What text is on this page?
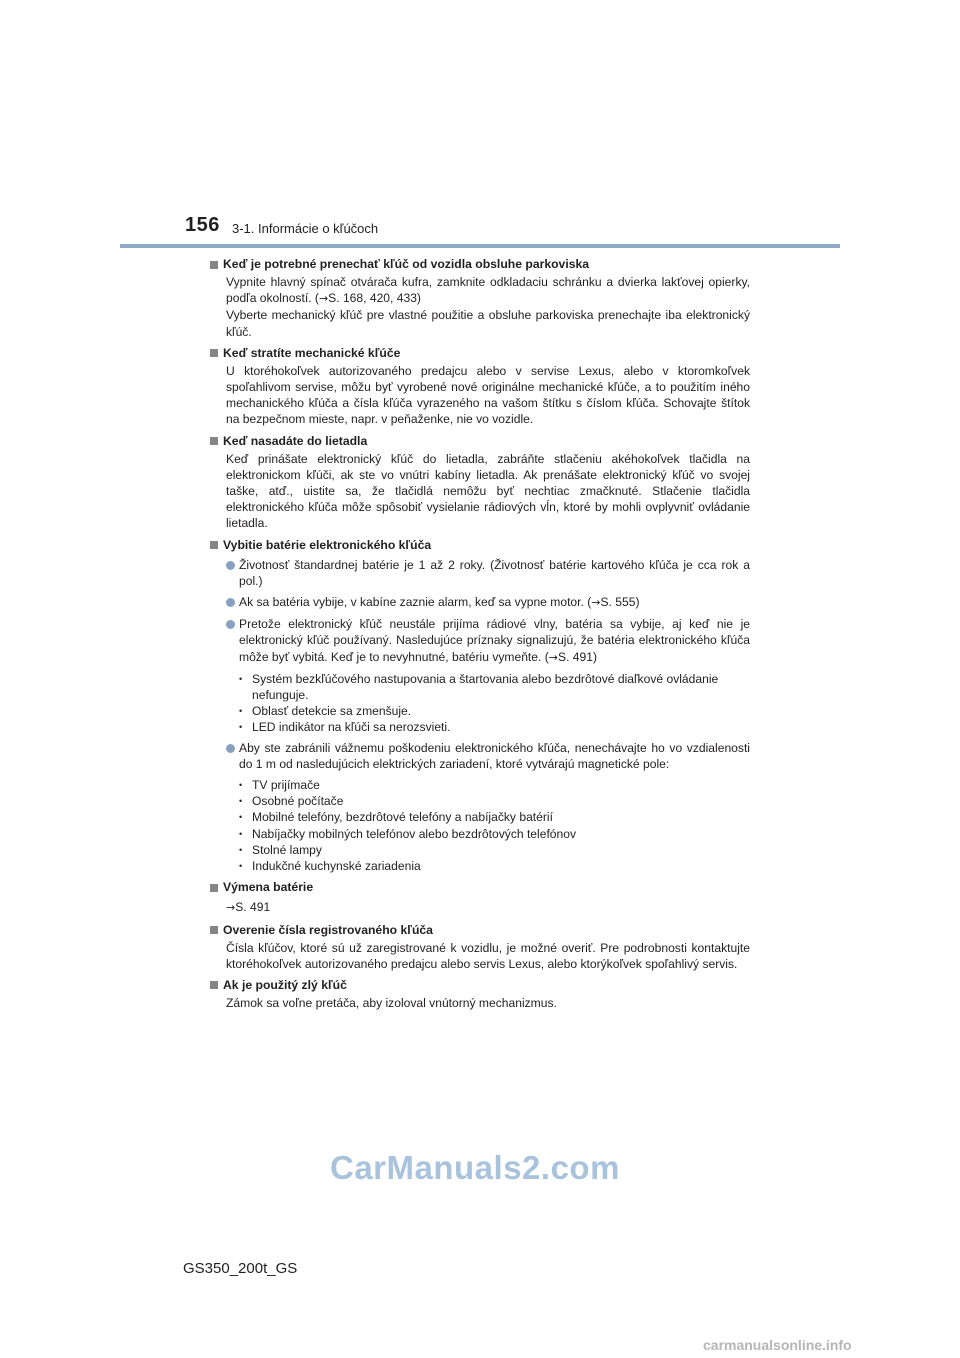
156 3-1. Informácie o kľúčoch
Keď je potrebné prenechať kľúč od vozidla obsluhe parkoviska
Vypnite hlavný spínač otvárača kufra, zamknite odkladaciu schránku a dvierka lakťovej opierky, podľa okolností. (→S. 168, 420, 433)
Vyberte mechanický kľúč pre vlastné použitie a obsluhe parkoviska prenechajte iba elektronický kľúč.
Keď stratíte mechanické kľúče
U ktoréhokoľvek autorizovaného predajcu alebo v servise Lexus, alebo v ktoromkoľvek spoľahlivom servise, môžu byť vyrobené nové originálne mechanické kľúče, a to použitím iného mechanického kľúča a čísla kľúča vyrazeného na vašom štítku s číslom kľúča. Schovajte štítok na bezpečnom mieste, napr. v peňaženke, nie vo vozidle.
Keď nasadáte do lietadla
Keď prinášate elektronický kľúč do lietadla, zabráňte stlačeniu akéhokoľvek tlačidla na elektronickom kľúči, ak ste vo vnútri kabíny lietadla. Ak prenášate elektronický kľúč vo svojej taške, atď., uistite sa, že tlačidlá nemôžu byť nechtiac zmačknuté. Stlačenie tlačidla elektronického kľúča môže spôsobiť vysielanie rádiových vĺn, ktoré by mohli ovplyvniť ovládanie lietadla.
Vybitie batérie elektronického kľúča
Životnosť štandardnej batérie je 1 až 2 roky. (Životnosť batérie kartového kľúča je cca rok a pol.)
Ak sa batéria vybije, v kabíne zaznie alarm, keď sa vypne motor. (→S. 555)
Pretože elektronický kľúč neustále prijíma rádiové vlny, batéria sa vybije, aj keď nie je elektronický kľúč používaný. Nasledujúce príznaky signalizujú, že batéria elektronického kľúča môže byť vybitá. Keď je to nevyhnutné, batériu vymeňte. (→S. 491)
• Systém bezkľúčového nastupovania a štartovania alebo bezdrôtové diaľkové ovládanie nefunguje.
• Oblasť detekcie sa zmenšuje.
• LED indikátor na kľúči sa nerozsvieti.
Aby ste zabránili vážnemu poškodeniu elektronického kľúča, nenechávajte ho vo vzdialenosti do 1 m od nasledujúcich elektrických zariadení, ktoré vytvárajú magnetické pole:
• TV prijímače
• Osobné počítače
• Mobilné telefóny, bezdrôtové telefóny a nabíjačky batérií
• Nabíjačky mobilných telefónov alebo bezdrôtových telefónov
• Stolné lampy
• Indukčné kuchynské zariadenia
Výmena batérie
→S. 491
Overenie čísla registrovaného kľúča
Čísla kľúčov, ktoré sú už zaregistrované k vozidlu, je možné overiť. Pre podrobnosti kontaktujte ktoréhokoľvek autorizovaného predajcu alebo servis Lexus, alebo ktorýkoľvek spoľahlivý servis.
Ak je použitý zlý kľúč
Zámok sa voľne pretáča, aby izoloval vnútorný mechanizmus.
CarManuals2.com
GS350_200t_GS
carmanualsonline.info
